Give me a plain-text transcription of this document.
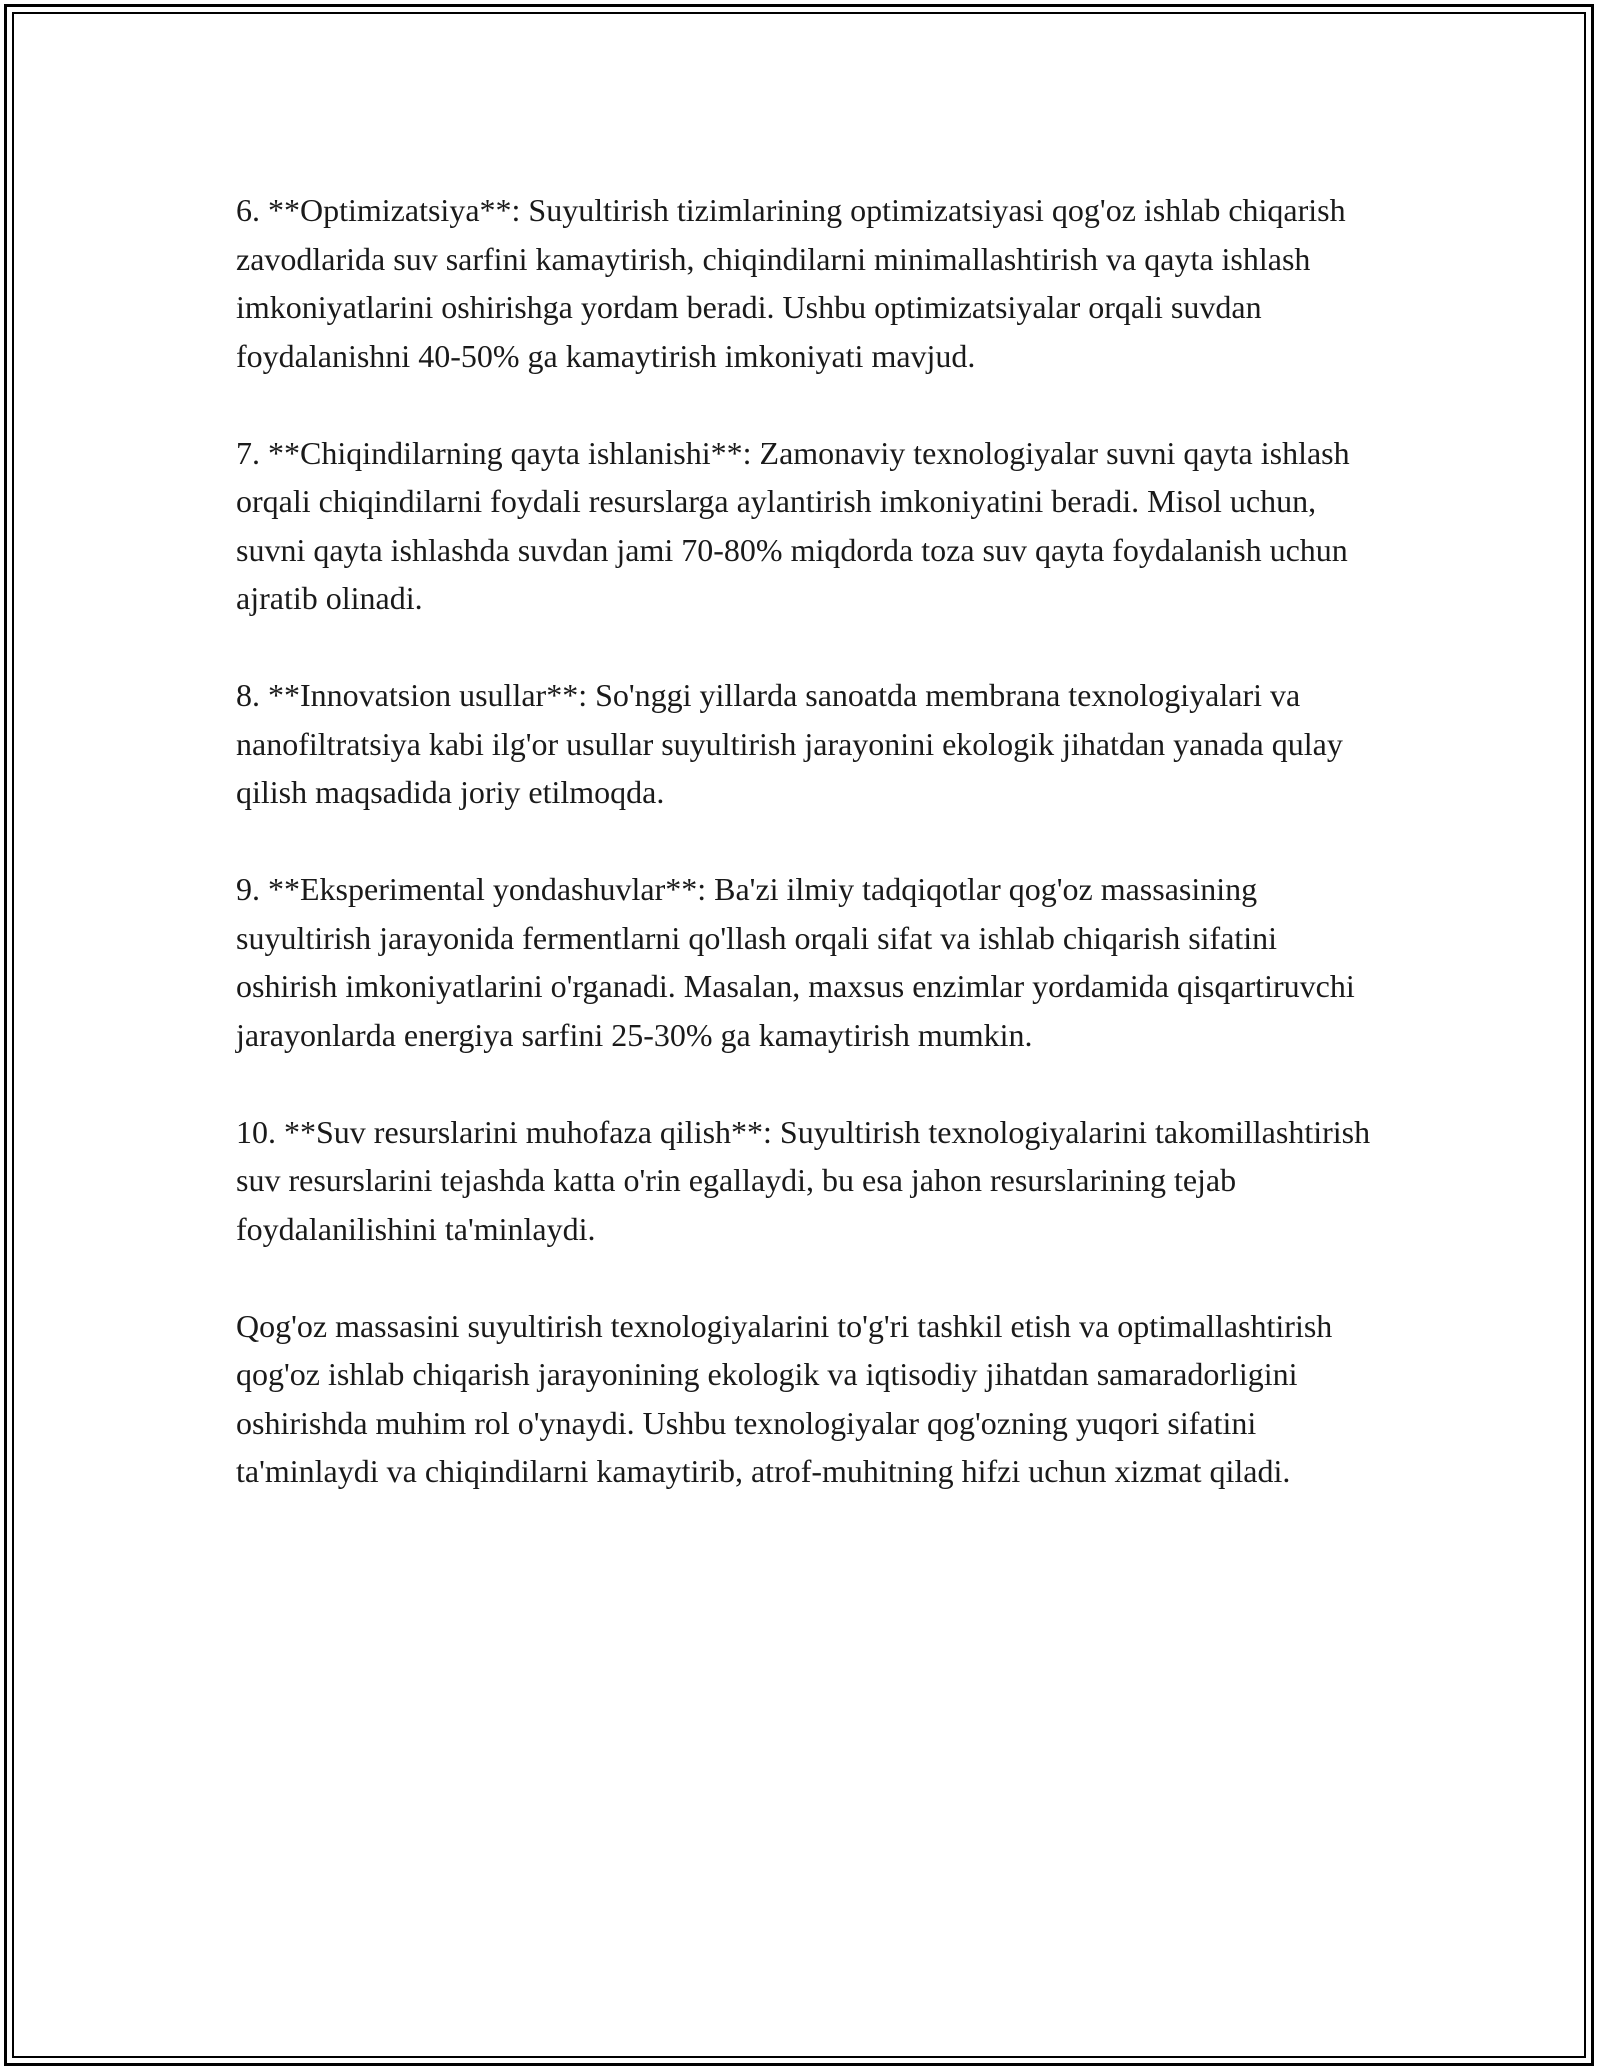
6. **Optimizatsiya**: Suyultirish tizimlarining optimizatsiyasi qog'oz ishlab chiqarish zavodlarida suv sarfini kamaytirish, chiqindilarni minimallashtirish va qayta ishlash imkoniyatlarini oshirishga yordam beradi. Ushbu optimizatsiyalar orqali suvdan foydalanishni 40-50% ga kamaytirish imkoniyati mavjud.

7. **Chiqindilarning qayta ishlanishi**: Zamonaviy texnologiyalar suvni qayta ishlash orqali chiqindilarni foydali resurslarga aylantirish imkoniyatini beradi. Misol uchun, suvni qayta ishlashda suvdan jami 70-80% miqdorda toza suv qayta foydalanish uchun ajratib olinadi.

8. **Innovatsion usullar**: So'nggi yillarda sanoatda membrana texnologiyalari va nanofiltratsiya kabi ilg'or usullar suyultirish jarayonini ekologik jihatdan yanada qulay qilish maqsadida joriy etilmoqda.

9. **Eksperimental yondashuvlar**: Ba'zi ilmiy tadqiqotlar qog'oz massasining suyultirish jarayonida fermentlarni qo'llash orqali sifat va ishlab chiqarish sifatini oshirish imkoniyatlarini o'rganadi. Masalan, maxsus enzimlar yordamida qisqartiruvchi jarayonlarda energiya sarfini 25-30% ga kamaytirish mumkin.

10. **Suv resurslarini muhofaza qilish**: Suyultirish texnologiyalarini takomillashtirish suv resurslarini tejashda katta o'rin egallaydi, bu esa jahon resurslarining tejab foydalanilishini ta'minlaydi.

Qog'oz massasini suyultirish texnologiyalarini to'g'ri tashkil etish va optimallashtirish qog'oz ishlab chiqarish jarayonining ekologik va iqtisodiy jihatdan samaradorligini oshirishda muhim rol o'ynaydi. Ushbu texnologiyalar qog'ozning yuqori sifatini ta'minlaydi va chiqindilarni kamaytirib, atrof-muhitning hifzi uchun xizmat qiladi.
